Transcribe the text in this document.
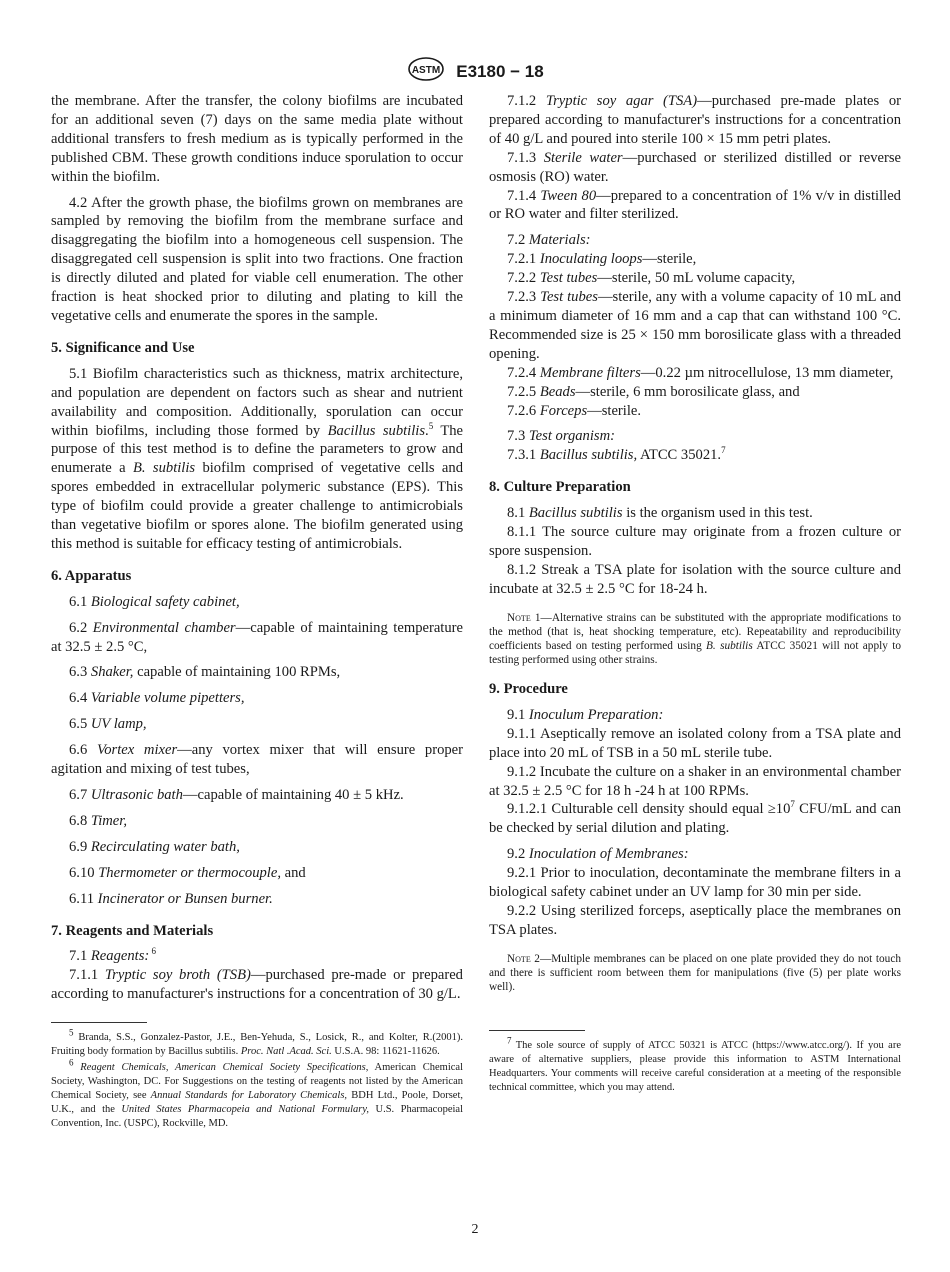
ASTM E3180 − 18

the membrane. After the transfer, the colony biofilms are incubated for an additional seven (7) days on the same media plate without additional transfers to fresh medium as is typically performed in the published CBM. These growth conditions induce sporulation to occur within the biofilm.

4.2 After the growth phase, the biofilms grown on membranes are sampled by removing the biofilm from the membrane surface and disaggregating the biofilm into a homogeneous cell suspension. The disaggregated cell suspension is split into two fractions. One fraction is directly diluted and plated for viable cell enumeration. The other fraction is heat shocked prior to diluting and plating to kill the vegetative cells and enumerate the spores in the sample.

5. Significance and Use

5.1 Biofilm characteristics such as thickness, matrix architecture, and population are dependent on factors such as shear and nutrient availability and composition. Additionally, sporulation can occur within biofilms, including those formed by Bacillus subtilis.$^5$ The purpose of this test method is to define the parameters to grow and enumerate a B. subtilis biofilm comprised of vegetative cells and spores embedded in extracellular polymeric substance (EPS). This type of biofilm could provide a greater challenge to antimicrobials than vegetative biofilm or spores alone. The biofilm generated using this method is suitable for efficacy testing of antimicrobials.

6. Apparatus

6.1 Biological safety cabinet,

6.2 Environmental chamber—capable of maintaining temperature at 32.5 ± 2.5 °C,

6.3 Shaker, capable of maintaining 100 RPMs,

6.4 Variable volume pipetters,

6.5 UV lamp,

6.6 Vortex mixer—any vortex mixer that will ensure proper agitation and mixing of test tubes,

6.7 Ultrasonic bath—capable of maintaining 40 ± 5 kHz.

6.8 Timer,

6.9 Recirculating water bath,

6.10 Thermometer or thermocouple, and

6.11 Incinerator or Bunsen burner.

7. Reagents and Materials

7.1 Reagents: $^6$

7.1.1 Tryptic soy broth (TSB)—purchased pre-made or prepared according to manufacturer's instructions for a concentration of 30 g/L.

$^5$ Branda, S.S., Gonzalez-Pastor, J.E., Ben-Yehuda, S., Losick, R., and Kolter, R.(2001). Fruiting body formation by Bacillus subtilis. Proc. Natl .Acad. Sci. U.S.A. 98: 11621-11626.

$^6$ Reagent Chemicals, American Chemical Society Specifications, American Chemical Society, Washington, DC. For Suggestions on the testing of reagents not listed by the American Chemical Society, see Annual Standards for Laboratory Chemicals, BDH Ltd., Poole, Dorset, U.K., and the United States Pharmacopeia and National Formulary, U.S. Pharmacopeial Convention, Inc. (USPC), Rockville, MD.

7.1.2 Tryptic soy agar (TSA)—purchased pre-made plates or prepared according to manufacturer's instructions for a concentration of 40 g/L and poured into sterile 100 × 15 mm petri plates.

7.1.3 Sterile water—purchased or sterilized distilled or reverse osmosis (RO) water.

7.1.4 Tween 80—prepared to a concentration of 1% v/v in distilled or RO water and filter sterilized.

7.2 Materials:

7.2.1 Inoculating loops—sterile,

7.2.2 Test tubes—sterile, 50 mL volume capacity,

7.2.3 Test tubes—sterile, any with a volume capacity of 10 mL and a minimum diameter of 16 mm and a cap that can withstand 100 °C. Recommended size is 25 × 150 mm borosilicate glass with a threaded opening.

7.2.4 Membrane filters—0.22 µm nitrocellulose, 13 mm diameter,

7.2.5 Beads—sterile, 6 mm borosilicate glass, and

7.2.6 Forceps—sterile.

7.3 Test organism:

7.3.1 Bacillus subtilis, ATCC 35021.$^7$

8. Culture Preparation

8.1 Bacillus subtilis is the organism used in this test.

8.1.1 The source culture may originate from a frozen culture or spore suspension.

8.1.2 Streak a TSA plate for isolation with the source culture and incubate at 32.5 ± 2.5 °C for 18-24 h.

Note 1—Alternative strains can be substituted with the appropriate modifications to the method (that is, heat shocking temperature, etc). Repeatability and reproducibility coefficients based on testing performed using B. subtilis ATCC 35021 will not apply to testing performed using other strains.

9. Procedure

9.1 Inoculum Preparation:

9.1.1 Aseptically remove an isolated colony from a TSA plate and place into 20 mL of TSB in a 50 mL sterile tube.

9.1.2 Incubate the culture on a shaker in an environmental chamber at 32.5 ± 2.5 °C for 18 h -24 h at 100 RPMs.

9.1.2.1 Culturable cell density should equal $\ge 10^7$ CFU/mL and can be checked by serial dilution and plating.

9.2 Inoculation of Membranes:

9.2.1 Prior to inoculation, decontaminate the membrane filters in a biological safety cabinet under an UV lamp for 30 min per side.

9.2.2 Using sterilized forceps, aseptically place the membranes on TSA plates.

Note 2—Multiple membranes can be placed on one plate provided they do not touch and there is sufficient room between them for manipulations (five (5) per plate works well).

$^7$ The sole source of supply of ATCC 50321 is ATCC (https://www.atcc.org/). If you are aware of alternative suppliers, please provide this information to ASTM International Headquarters. Your comments will receive careful consideration at a meeting of the responsible technical committee, which you may attend.

2
